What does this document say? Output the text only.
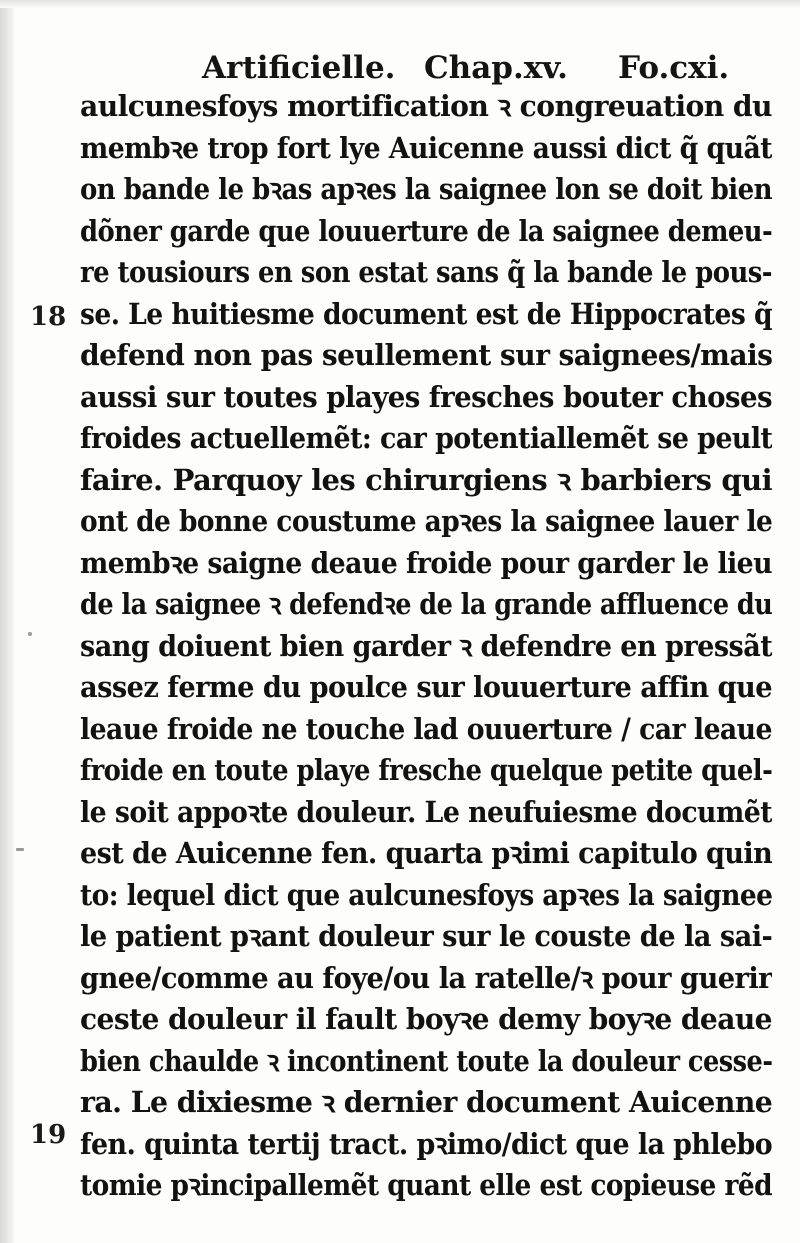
Artificielle. Chap.xv. Fo.cxi.
18
19
aulcunesfoys mortification ꝛ congreuation du
membꝛe trop fort lye Auicenne aussi dict q̃ quãt
on bande le bꝛas apꝛes la saignee lon se doit bien
dõner garde que louuerture de la saignee demeu-
re tousiours en son estat sans q̃ la bande le pous-
se. Le huitiesme document est de Hippocrates q̃
defend non pas seullement sur saignees/mais
aussi sur toutes playes fresches bouter choses
froides actuellemẽt: car potentiallemẽt se peult
faire. Parquoy les chirurgiens ꝛ barbiers qui
ont de bonne coustume apꝛes la saignee lauer le
membꝛe saigne deaue froide pour garder le lieu
de la saignee ꝛ defendꝛe de la grande affluence du
sang doiuent bien garder ꝛ defendre en pressãt
assez ferme du poulce sur louuerture affin que
leaue froide ne touche lad ouuerture / car leaue
froide en toute playe fresche quelque petite quel-
le soit appoꝛte douleur. Le neufuiesme documẽt
est de Auicenne fen. quarta pꝛimi capitulo quin
to: lequel dict que aulcunesfoys apꝛes la saignee
le patient pꝛant douleur sur le couste de la sai-
gnee/comme au foye/ou la ratelle/ꝛ pour guerir
ceste douleur il fault boyꝛe demy boyꝛe deaue
bien chaulde ꝛ incontinent toute la douleur cesse-
ra. Le dixiesme ꝛ dernier document Auicenne
fen. quinta tertij tract. pꝛimo/dict que la phlebo
tomie pꝛincipallemẽt quant elle est copieuse rẽd
